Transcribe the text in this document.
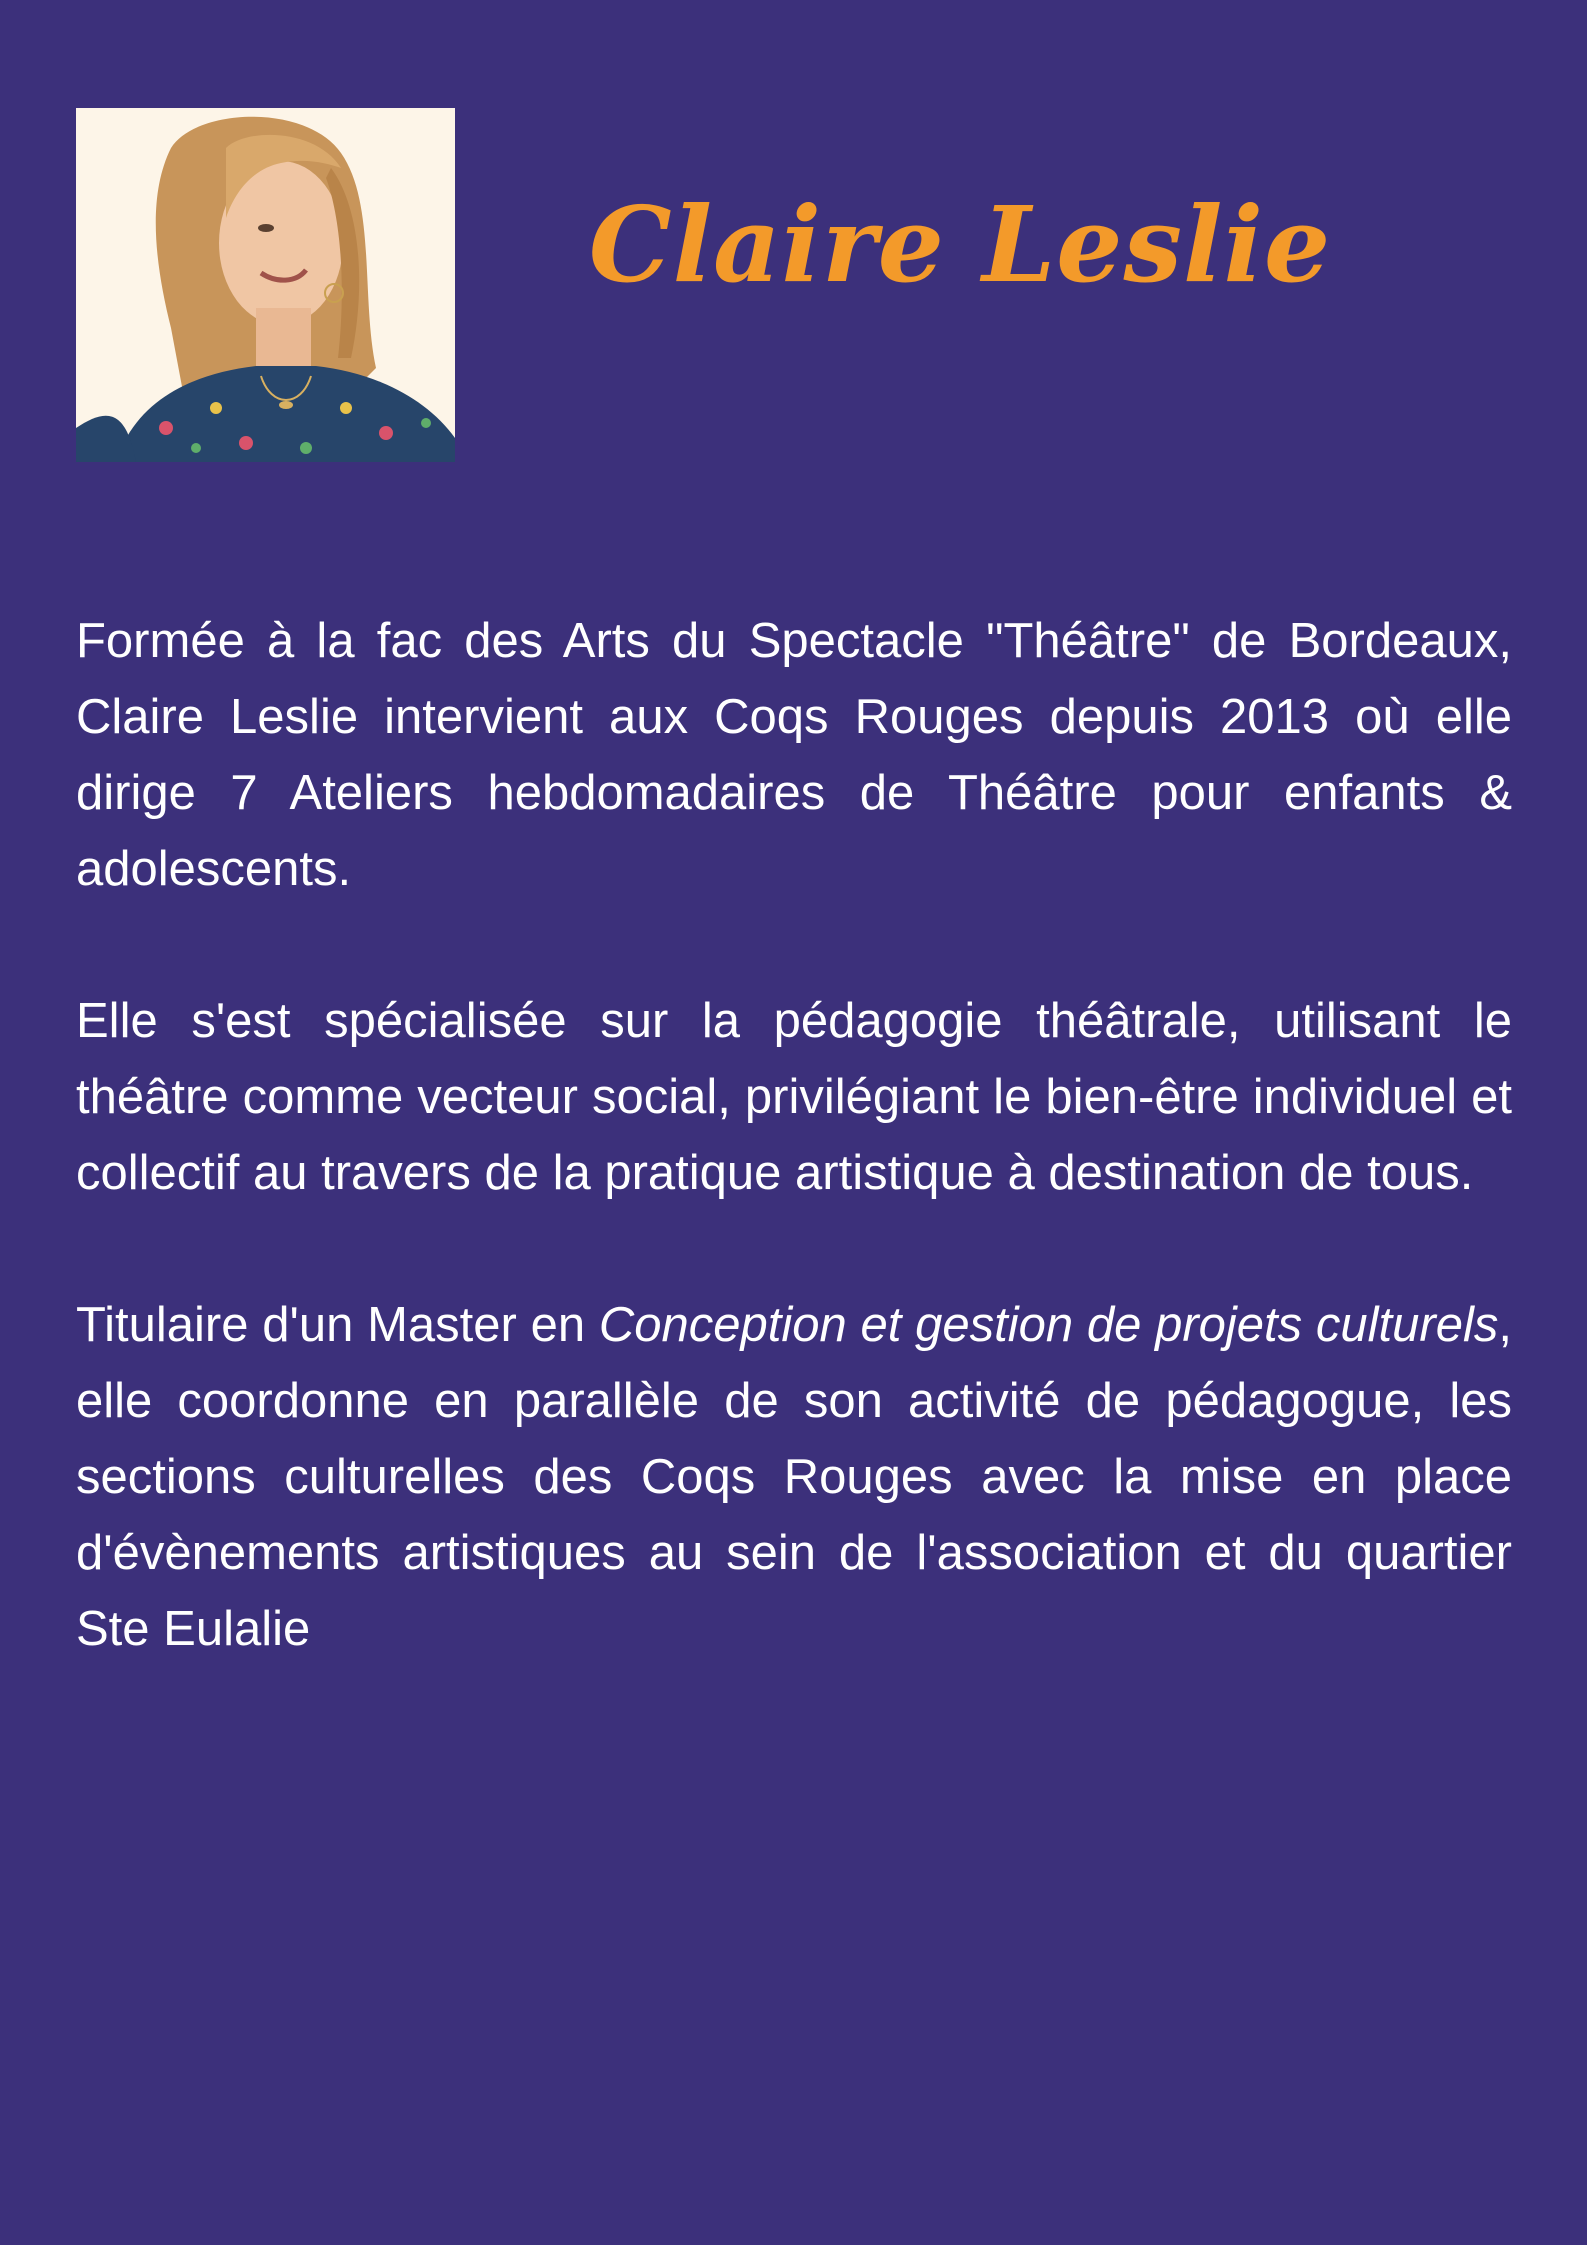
Claire Leslie

Formée à la fac des Arts du Spectacle "Théâtre" de Bordeaux, Claire Leslie intervient aux Coqs Rouges depuis 2013 où elle dirige 7 Ateliers hebdomadaires de Théâtre pour enfants & adolescents.

Elle s'est spécialisée sur la pédagogie théâtrale, utilisant le théâtre comme vecteur social, privilégiant le bien-être individuel et collectif au travers de la pratique artistique à destination de tous.

Titulaire d'un Master en Conception et gestion de projets culturels, elle coordonne en parallèle de son activité de pédagogue, les sections culturelles des Coqs Rouges avec la mise en place d'évènements artistiques au sein de l'association et du quartier Ste Eulalie
